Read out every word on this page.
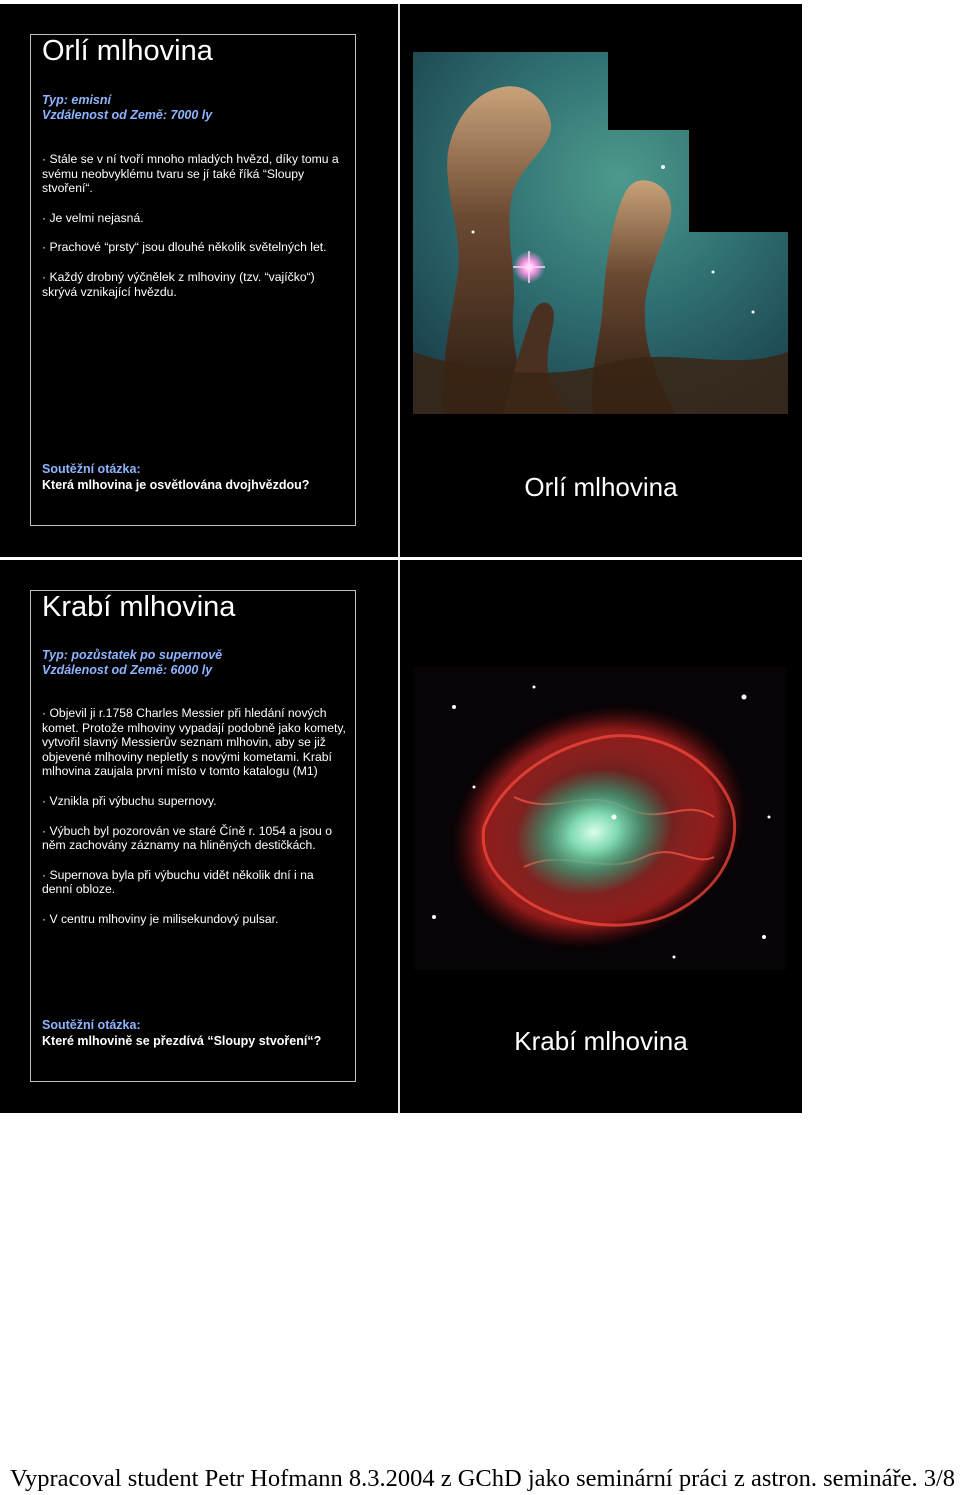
Orlí mlhovina
Typ: emisní
Vzdálenost od Země: 7000 ly

· Stále se v ní tvoří mnoho mladých hvězd, díky tomu a svému neobvyklému tvaru se jí také říká “Sloupy stvoření“.

· Je velmi nejasná.

· Prachové “prsty“ jsou dlouhé několik světelných let.

· Každý drobný výčnělek z mlhoviny (tzv. “vajíčko“) skrývá vznikající hvězdu.

Soutěžní otázka:
Která mlhovina je osvětlována dvojhvězdou?	Orlí mlhovina
Krabí mlhovina
Typ: pozůstatek po supernově
Vzdálenost od Země: 6000 ly

· Objevil ji r.1758 Charles Messier při hledání nových komet. Protože mlhoviny vypadají podobně jako komety, vytvořil slavný Messierův seznam mlhovin, aby se již objevené mlhoviny nepletly s novými kometami. Krabí mlhovina zaujala první místo v tomto katalogu (M1)

· Vznikla při výbuchu supernovy.

· Výbuch byl pozorován ve staré Číně r. 1054 a jsou o něm zachovány záznamy na hliněných destičkách.

· Supernova byla při výbuchu vidět několik dní i na denní obloze.

· V centru mlhoviny je milisekundový pulsar.

Soutěžní otázka:
Které mlhovině se přezdívá “Sloupy stvoření“?	Krabí mlhovina
Vypracoval student Petr Hofmann 8.3.2004 z GChD jako seminární práci z astron. semináře. 3/8
